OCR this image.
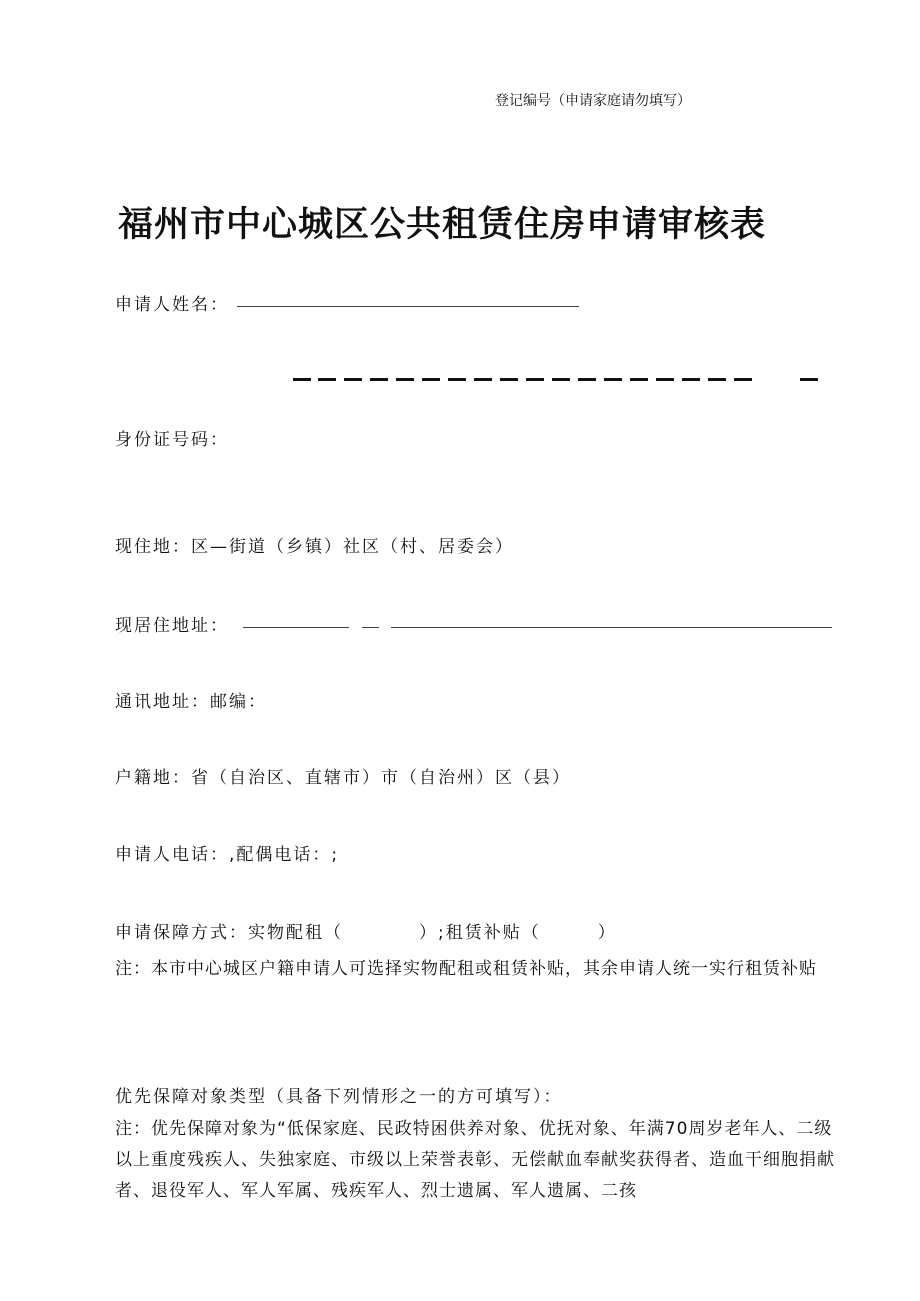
登记编号（申请家庭请勿填写）
福州市中心城区公共租赁住房申请审核表
申请人姓名：
身份证号码：
现住地：区—街道（乡镇）社区（村、居委会）
现居住地址：
通讯地址：邮编：
户籍地：省（自治区、直辖市）市（自治州）区（县）
申请人电话：,配偶电话：;
申请保障方式：实物配租（　　　　）;租赁补贴（　　　）
注：本市中心城区户籍申请人可选择实物配租或租赁补贴，其余申请人统一实行租赁补贴
优先保障对象类型（具备下列情形之一的方可填写）：
注：优先保障对象为“低保家庭、民政特困供养对象、优抚对象、年满70周岁老年人、二级以上重度残疾人、失独家庭、市级以上荣誉表彰、无偿献血奉献奖获得者、造血干细胞捐献者、退役军人、军人军属、残疾军人、烈士遗属、军人遗属、二孩
